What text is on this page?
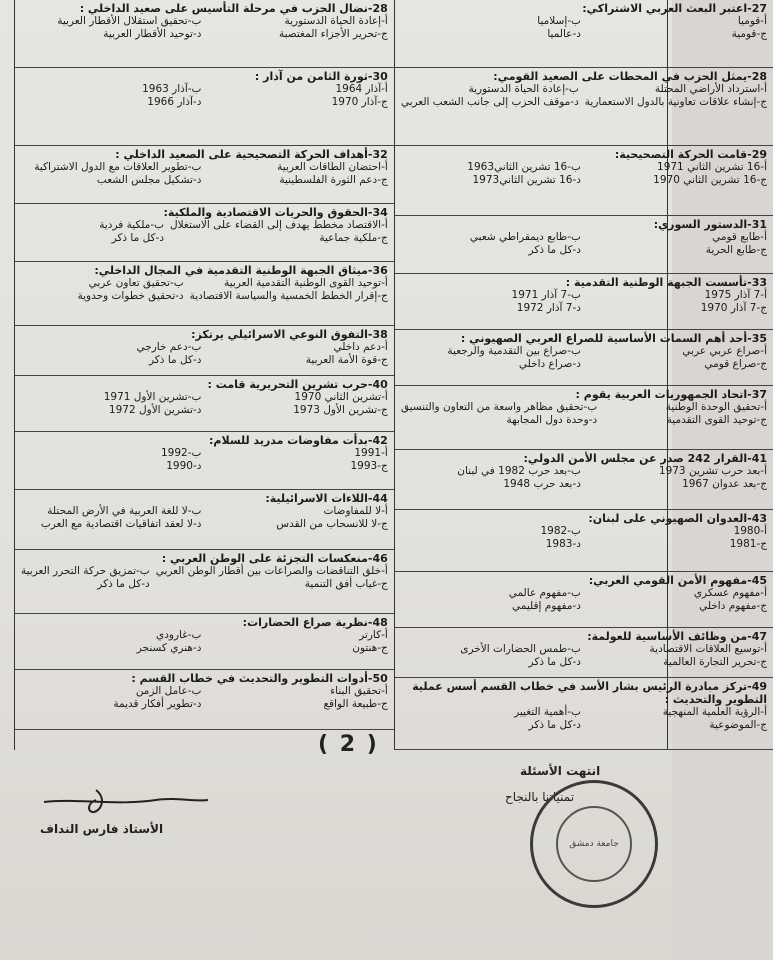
28-نضال الحزب في مرحلة التأسيس على صعيد الداخلي :
أ-إعادة الحياة الدستورية
ب-تحقيق استقلال الأقطار العربية
ج-تحرير الأجزاء المغتصبة
د-توحيد الأقطار العربية
30-ثورة الثامن من آذار :
أ-آذار 1964
ب-آذار 1963
ج-آذار 1970
د-آذار 1966
32-أهداف الحركة التصحيحية على الصعيد الداخلي :
أ-احتضان الطاقات العربية
ب-تطوير العلاقات مع الدول الاشتراكية
ج-دعم الثورة الفلسطينية
د-تشكيل مجلس الشعب
34-الحقوق والحريات الاقتصادية والملكية:
أ-الاقتصاد مخطط يهدف إلى القضاء على الاستغلال
ب-ملكية فردية
ج-ملكية جماعية
د-كل ما ذكر
36-ميثاق الجبهة الوطنية التقدمية في المجال الداخلي:
أ-توحيد القوى الوطنية التقدمية العربية
ب-تحقيق تعاون عربي
ج-إقرار الخطط الخمسية والسياسة الاقتصادية
د-تحقيق خطوات وحدوية
38-التفوق النوعي الاسرائيلي يرتكز:
أ-دعم داخلي
ب-دعم خارجي
ج-قوة الأمة العربية
د-كل ما ذكر
40-حرب تشرين التحريرية قامت :
أ-تشرين الثاني 1970
ب-تشرين الأول 1971
ج-تشرين الأول 1973
د-تشرين الأول 1972
42-بدأت مفاوضات مدريد للسلام:
أ-1991
ب-1992
ج-1993
د-1990
44-اللاءات الاسرائيلية:
أ-لا للمفاوضات
ب-لا للغة العربية في الأرض المحتلة
ج-لا للانسحاب من القدس
د-لا لعقد اتفاقيات اقتصادية مع العرب
46-منعكسات التجزئة على الوطن العربي :
أ-خلق التناقضات والصراعات بين أقطار الوطن العربي
ب-تمزيق حركة التحرر العربية
ج-غياب أفق التنمية
د-كل ما ذكر
48-نظرية صراع الحضارات:
أ-كارتر
ب-غارودي
ج-هنتون
د-هنري كسنجر
50-أدوات التطوير والتحديث في خطاب القسم :
أ-تحقيق البناء
ب-عامل الزمن
ج-طبيعة الواقع
د-تطوير أفكار قديمة
27-اعتبر البعث العربي الاشتراكي:
أ-قوميا
ب-إسلاميا
ج-قومية
د-عالميا
28-يمثل الحزب في المحطات على الصعيد القومي:
أ-استرداد الأراضي المحتلة
ب-إعادة الحياة الدستورية
ج-إنشاء علاقات تعاونية بالدول الاستعمارية
د-موقف الحزب إلى جانب الشعب العربي
29-قامت الحركة التصحيحية:
أ-16 تشرين الثاني 1971
ب-16 تشرين الثاني1963
ج-16 تشرين الثاني 1970
د-16 تشرين الثاني1973
31-الدستور السوري:
أ-طابع قومي
ب-طابع ديمقراطي شعبي
ج-طابع الحرية
د-كل ما ذكر
33-تأسست الجبهة الوطنية التقدمية :
أ-7 آذار 1975
ب-7 آذار 1971
ج-7 آذار 1970
د-7 آذار 1972
35-أحد أهم السمات الأساسية للصراع العربي الصهيوني :
أ-صراع عربي عربي
ب-صراع بين التقدمية والرجعية
ج-صراع قومي
د-صراع داخلي
37-اتحاد الجمهوريات العربية يقوم :
أ-تحقيق الوحدة الوطنية
ب-تحقيق مظاهر واسعة من التعاون والتنسيق
ج-توحيد القوى التقدمية
د-وحدة دول المجابهة
41-القرار 242 صدر عن مجلس الأمن الدولي:
أ-بعد حرب تشرين 1973
ب-بعد حرب 1982 في لبنان
ج-بعد عدوان 1967
د-بعد حرب 1948
43-العدوان الصهيوني على لبنان:
أ-1980
ب-1982
ج-1981
د-1983
45-مفهوم الأمن القومي العربي:
أ-مفهوم عسكري
ب-مفهوم عالمي
ج-مفهوم داخلي
د-مفهوم إقليمي
47-من وظائف الأساسية للعولمة:
أ-توسيع العلاقات الاقتصادية
ب-طمس الحضارات الأخرى
ج-تحرير التجارة العالمية
د-كل ما ذكر
49-تركز مبادرة الرئيس بشار الأسد في خطاب القسم أسس عملية التطوير والتحديث :
أ-الرؤية العلمية المنهجية
ب-أهمية التغيير
ج-الموضوعية
د-كل ما ذكر
انتهت الأسئلة
تمنياتنا بالنجاح
( 2 )
الأستاذ فارس النداف
جامعة دمشق
